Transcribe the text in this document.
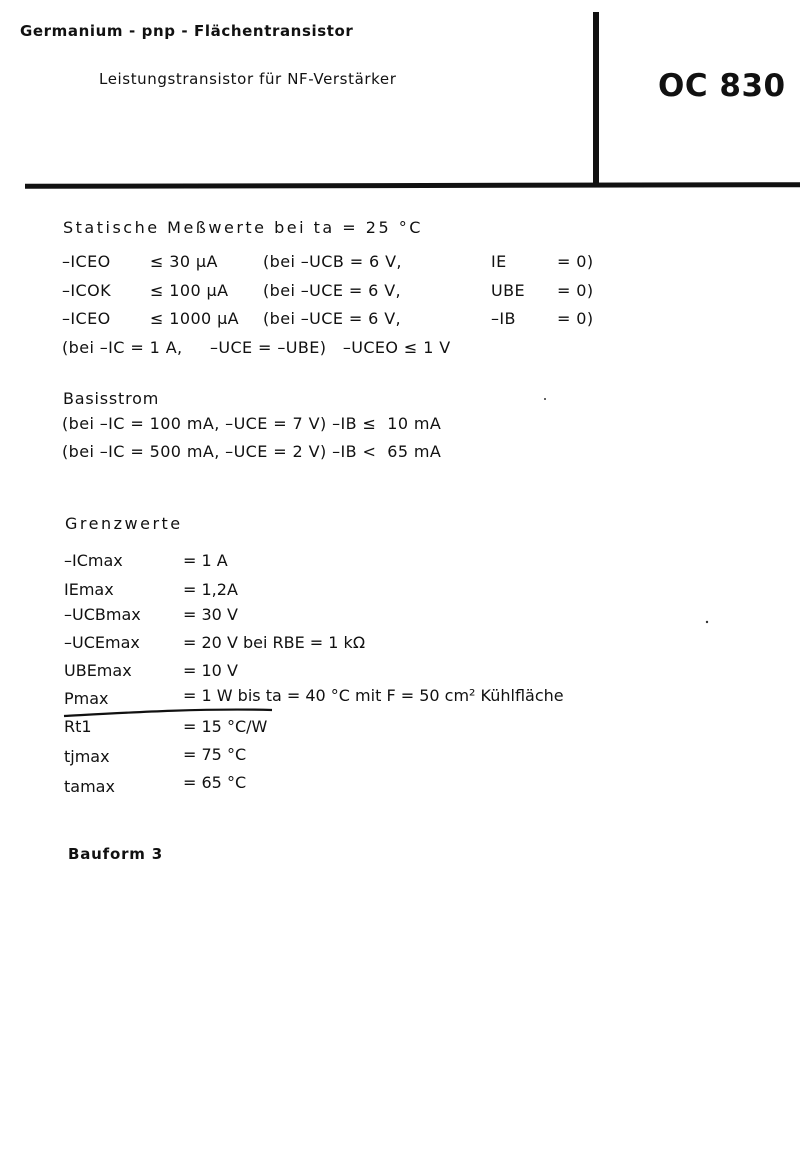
Germanium - pnp - Flächentransistor
Leistungstransistor für NF-Verstärker	OC 830
Statische Meßwerte bei ta = 25 °C
–ICEO ≤ 30 μA	(bei –UCB = 6 V,	IE	= 0)
–ICOK ≤ 100 μA (bei –UCE = 6 V,	UBE = 0)
–ICEO ≤ 1000 μA (bei –UCE = 6 V,	–IB	= 0)
(bei –IC = 1 A,     –UCE = –UBE)   –UCEO ≤ 1 V
Basisstrom
(bei –IC = 100 mA, –UCE = 7 V) –IB ≤  10 mA
(bei –IC = 500 mA, –UCE = 2 V) –IB <  65 mA
Grenzwerte
–ICmax	= 1 A
IEmax	= 1,2A
–UCBmax	= 30 V
–UCEmax	= 20 V bei RBE = 1 kΩ
UBEmax	= 10 V
Pmax	= 1 W bis ta = 40 °C mit F = 50 cm² Kühlfläche
Rt1	= 15 °C/W
tjmax	= 75 °C
tamax	= 65 °C
Bauform 3
